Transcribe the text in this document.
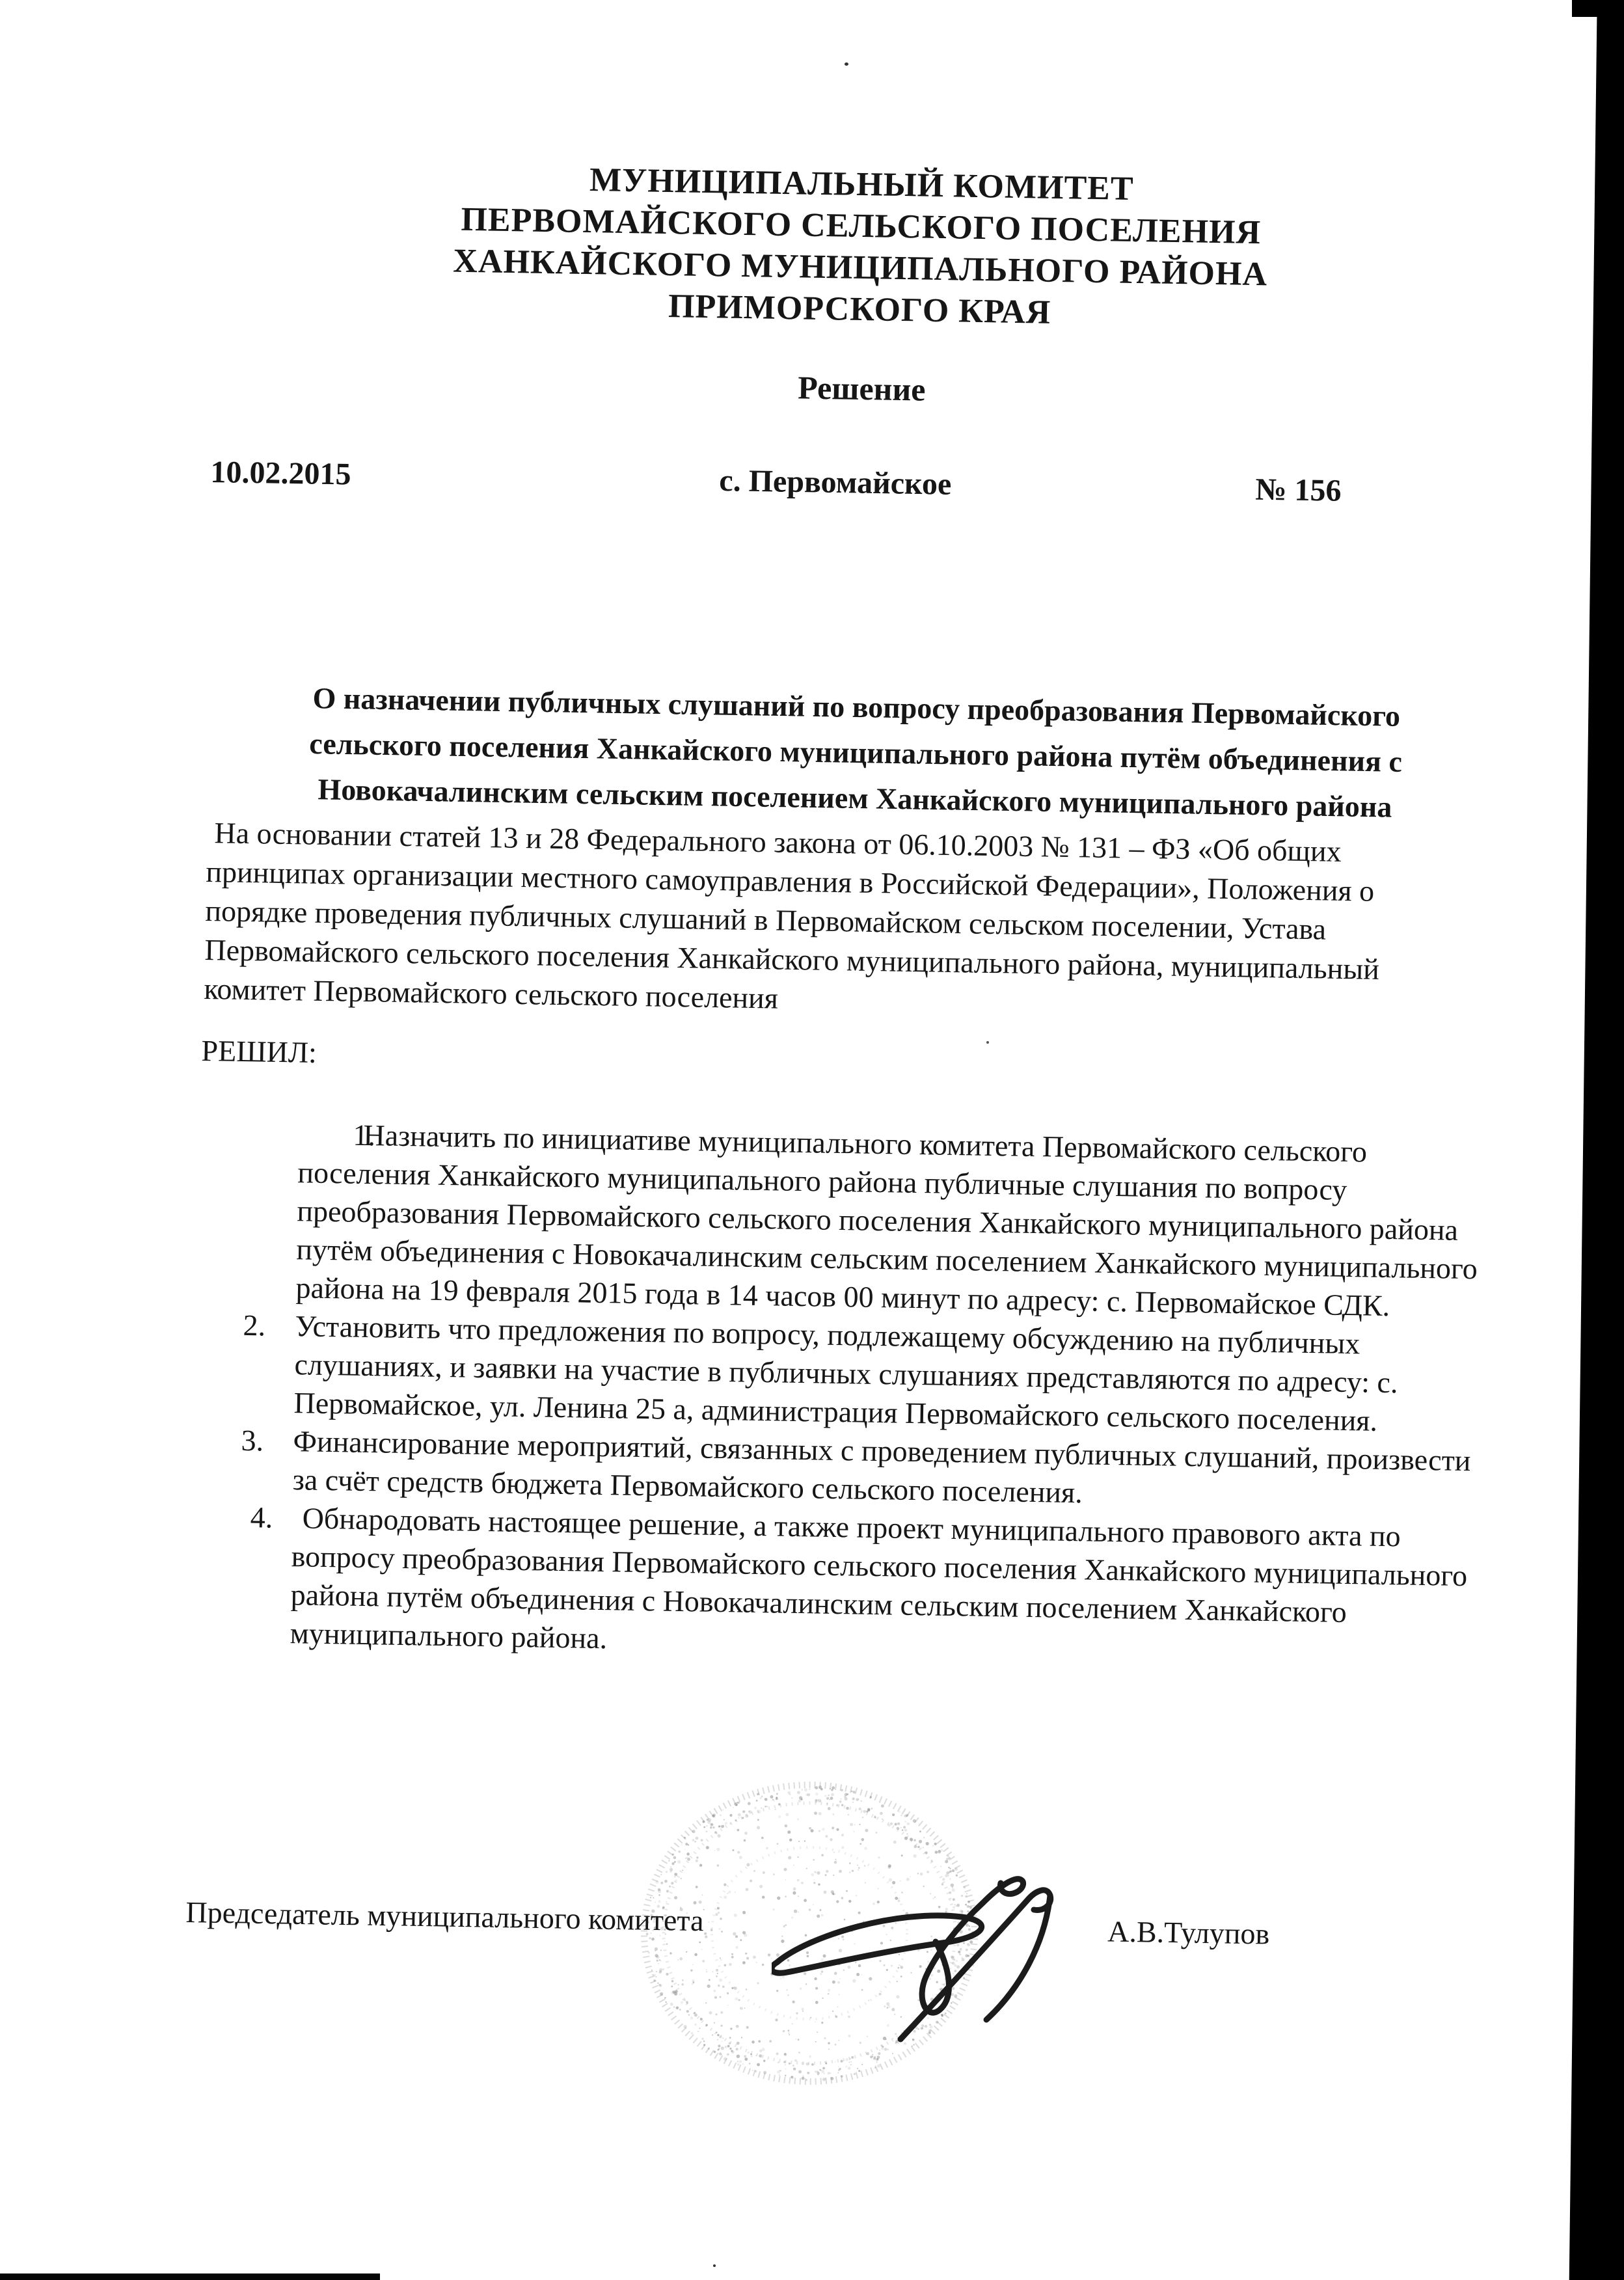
МУНИЦИПАЛЬНЫЙ КОМИТЕТ
ПЕРВОМАЙСКОГО СЕЛЬСКОГО ПОСЕЛЕНИЯ
ХАНКАЙСКОГО МУНИЦИПАЛЬНОГО РАЙОНА
ПРИМОРСКОГО КРАЯ
Решение
10.02.2015	с. Первомайское	№ 156
О назначении публичных слушаний по вопросу преобразования Первомайского
сельского поселения Ханкайского муниципального района путём объединения с
Новокачалинским сельским поселением Ханкайского муниципального района
На основании статей 13 и 28 Федерального закона от 06.10.2003 № 131 – ФЗ «Об общих принципах организации местного самоуправления в Российской Федерации», Положения о порядке проведения публичных слушаний в Первомайском сельском поселении, Устава Первомайского сельского поселения Ханкайского муниципального района, муниципальный комитет Первомайского сельского поселения
РЕШИЛ:
Назначить по инициативе муниципального комитета Первомайского сельского поселения Ханкайского муниципального района публичные слушания по вопросу преобразования Первомайского сельского поселения Ханкайского муниципального района путём объединения с Новокачалинским сельским поселением Ханкайского муниципального района на 19 февраля 2015 года в 14 часов 00 минут по адресу: с. Первомайское СДК.
Установить что предложения по вопросу, подлежащему обсуждению на публичных слушаниях, и заявки на участие в публичных слушаниях представляются по адресу: с. Первомайское, ул. Ленина 25 а, администрация Первомайского сельского поселения.
Финансирование мероприятий, связанных с проведением публичных слушаний, произвести за счёт средств бюджета Первомайского сельского поселения.
Обнародовать настоящее решение, а также проект муниципального правового акта по вопросу преобразования Первомайского сельского поселения Ханкайского муниципального района путём объединения с Новокачалинским сельским поселением Ханкайского муниципального района.
Председатель муниципального комитета	А.В.Тулупов
